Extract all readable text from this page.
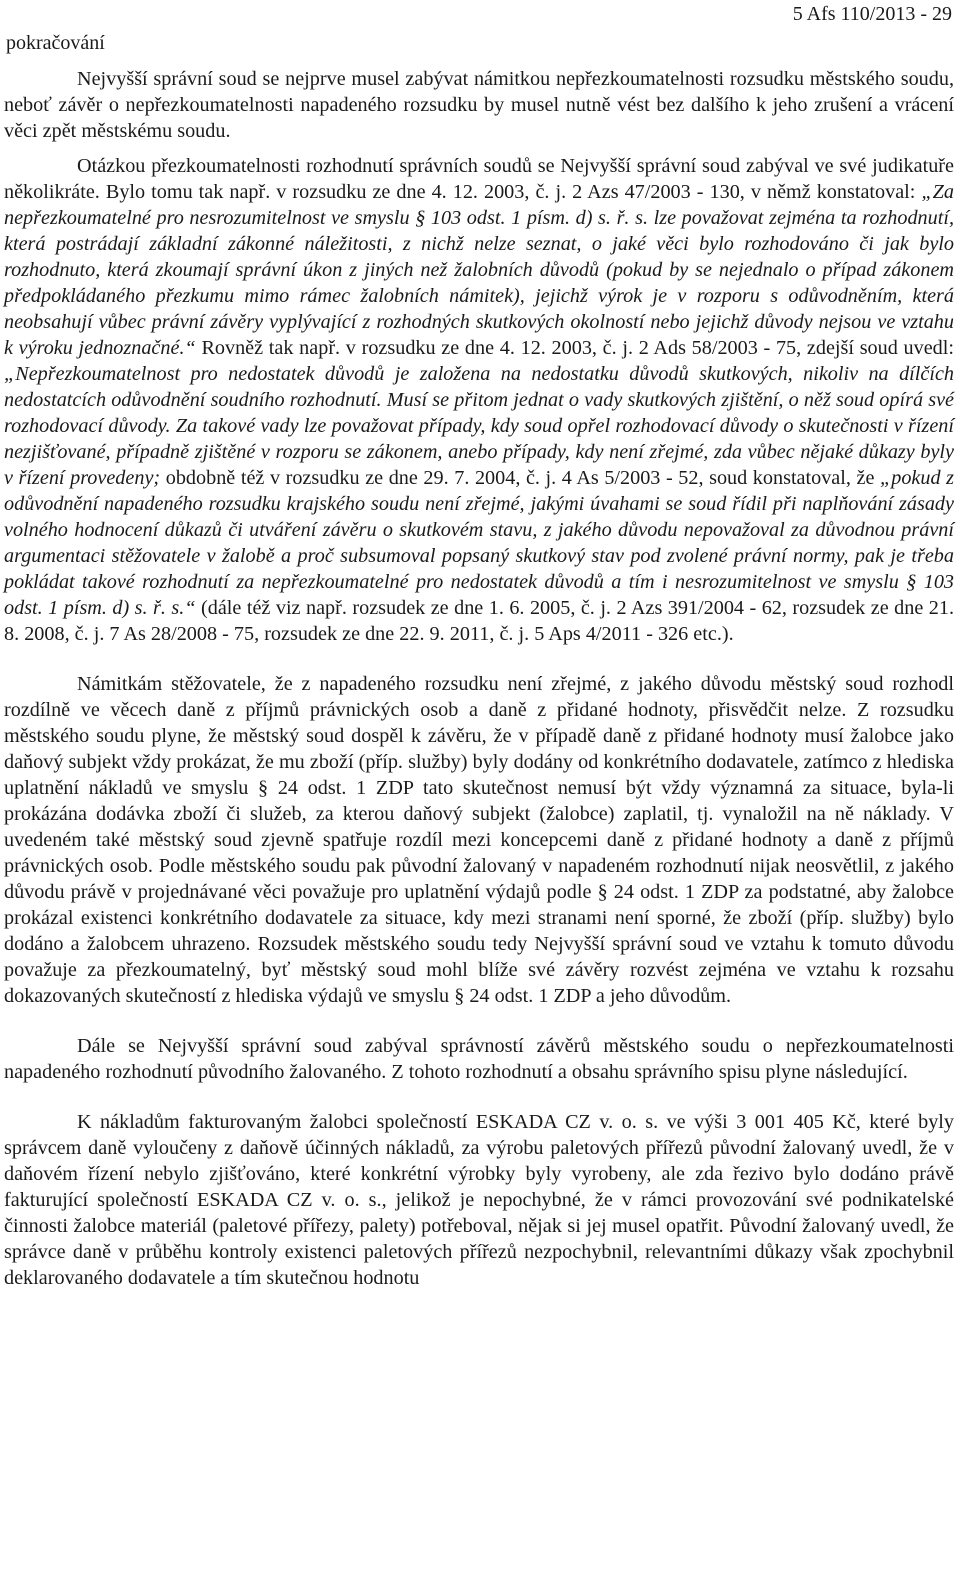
pokračování
5 Afs 110/2013 - 29

Nejvyšší správní soud se nejprve musel zabývat námitkou nepřezkoumatelnosti rozsudku městského soudu, neboť závěr o nepřezkoumatelnosti napadeného rozsudku by musel nutně vést bez dalšího k jeho zrušení a vrácení věci zpět městskému soudu.

Otázkou přezkoumatelnosti rozhodnutí správních soudů se Nejvyšší správní soud zabýval ve své judikatuře několikráte. Bylo tomu tak např. v rozsudku ze dne 4. 12. 2003, č. j. 2 Azs 47/2003 - 130, v němž konstatoval: „Za nepřezkoumatelné pro nesrozumitelnost ve smyslu § 103 odst. 1 písm. d) s. ř. s. lze považovat zejména ta rozhodnutí, která postrádají základní zákonné náležitosti, z nichž nelze seznat, o jaké věci bylo rozhodováno či jak bylo rozhodnuto, která zkoumají správní úkon z jiných než žalobních důvodů (pokud by se nejednalo o případ zákonem předpokládaného přezkumu mimo rámec žalobních námitek), jejichž výrok je v rozporu s odůvodněním, která neobsahují vůbec právní závěry vyplývající z rozhodných skutkových okolností nebo jejichž důvody nejsou ve vztahu k výroku jednoznačné.“ Rovněž tak např. v rozsudku ze dne 4. 12. 2003, č. j. 2 Ads 58/2003 - 75, zdejší soud uvedl: „Nepřezkoumatelnost pro nedostatek důvodů je založena na nedostatku důvodů skutkových, nikoliv na dílčích nedostatcích odůvodnění soudního rozhodnutí. Musí se přitom jednat o vady skutkových zjištění, o něž soud opírá své rozhodovací důvody. Za takové vady lze považovat případy, kdy soud opřel rozhodovací důvody o skutečnosti v řízení nezjišťované, případně zjištěné v rozporu se zákonem, anebo případy, kdy není zřejmé, zda vůbec nějaké důkazy byly v řízení provedeny; obdobně též v rozsudku ze dne 29. 7. 2004, č. j. 4 As 5/2003 - 52, soud konstatoval, že „pokud z odůvodnění napadeného rozsudku krajského soudu není zřejmé, jakými úvahami se soud řídil při naplňování zásady volného hodnocení důkazů či utváření závěru o skutkovém stavu, z jakého důvodu nepovažoval za důvodnou právní argumentaci stěžovatele v žalobě a proč subsumoval popsaný skutkový stav pod zvolené právní normy, pak je třeba pokládat takové rozhodnutí za nepřezkoumatelné pro nedostatek důvodů a tím i nesrozumitelnost ve smyslu § 103 odst. 1 písm. d) s. ř. s.“ (dále též viz např. rozsudek ze dne 1. 6. 2005, č. j. 2 Azs 391/2004 - 62, rozsudek ze dne 21. 8. 2008, č. j. 7 As 28/2008 - 75, rozsudek ze dne 22. 9. 2011, č. j. 5 Aps 4/2011 - 326 etc.).

Námitkám stěžovatele, že z napadeného rozsudku není zřejmé, z jakého důvodu městský soud rozhodl rozdílně ve věcech daně z příjmů právnických osob a daně z přidané hodnoty, přisvědčit nelze. Z rozsudku městského soudu plyne, že městský soud dospěl k závěru, že v případě daně z přidané hodnoty musí žalobce jako daňový subjekt vždy prokázat, že mu zboží (příp. služby) byly dodány od konkrétního dodavatele, zatímco z hlediska uplatnění nákladů ve smyslu § 24 odst. 1 ZDP tato skutečnost nemusí být vždy významná za situace, byla-li prokázána dodávka zboží či služeb, za kterou daňový subjekt (žalobce) zaplatil, tj. vynaložil na ně náklady. V uvedeném také městský soud zjevně spatřuje rozdíl mezi koncepcemi daně z přidané hodnoty a daně z příjmů právnických osob. Podle městského soudu pak původní žalovaný v napadeném rozhodnutí nijak neosvětlil, z jakého důvodu právě v projednávané věci považuje pro uplatnění výdajů podle § 24 odst. 1 ZDP za podstatné, aby žalobce prokázal existenci konkrétního dodavatele za situace, kdy mezi stranami není sporné, že zboží (příp. služby) bylo dodáno a žalobcem uhrazeno. Rozsudek městského soudu tedy Nejvyšší správní soud ve vztahu k tomuto důvodu považuje za přezkoumatelný, byť městský soud mohl blíže své závěry rozvést zejména ve vztahu k rozsahu dokazovaných skutečností z hlediska výdajů ve smyslu § 24 odst. 1 ZDP a jeho důvodům.

Dále se Nejvyšší správní soud zabýval správností závěrů městského soudu o nepřezkoumatelnosti napadeného rozhodnutí původního žalovaného. Z tohoto rozhodnutí a obsahu správního spisu plyne následující.

K nákladům fakturovaným žalobci společností ESKADA CZ v. o. s. ve výši 3 001 405 Kč, které byly správcem daně vyloučeny z daňově účinných nákladů, za výrobu paletových přířezů původní žalovaný uvedl, že v daňovém řízení nebylo zjišťováno, které konkrétní výrobky byly vyrobeny, ale zda řezivo bylo dodáno právě fakturující společností ESKADA CZ v. o. s., jelikož je nepochybné, že v rámci provozování své podnikatelské činnosti žalobce materiál (paletové přířezy, palety) potřeboval, nějak si jej musel opatřit. Původní žalovaný uvedl, že správce daně v průběhu kontroly existenci paletových přířezů nezpochybnil, relevantními důkazy však zpochybnil deklarovaného dodavatele a tím skutečnou hodnotu
